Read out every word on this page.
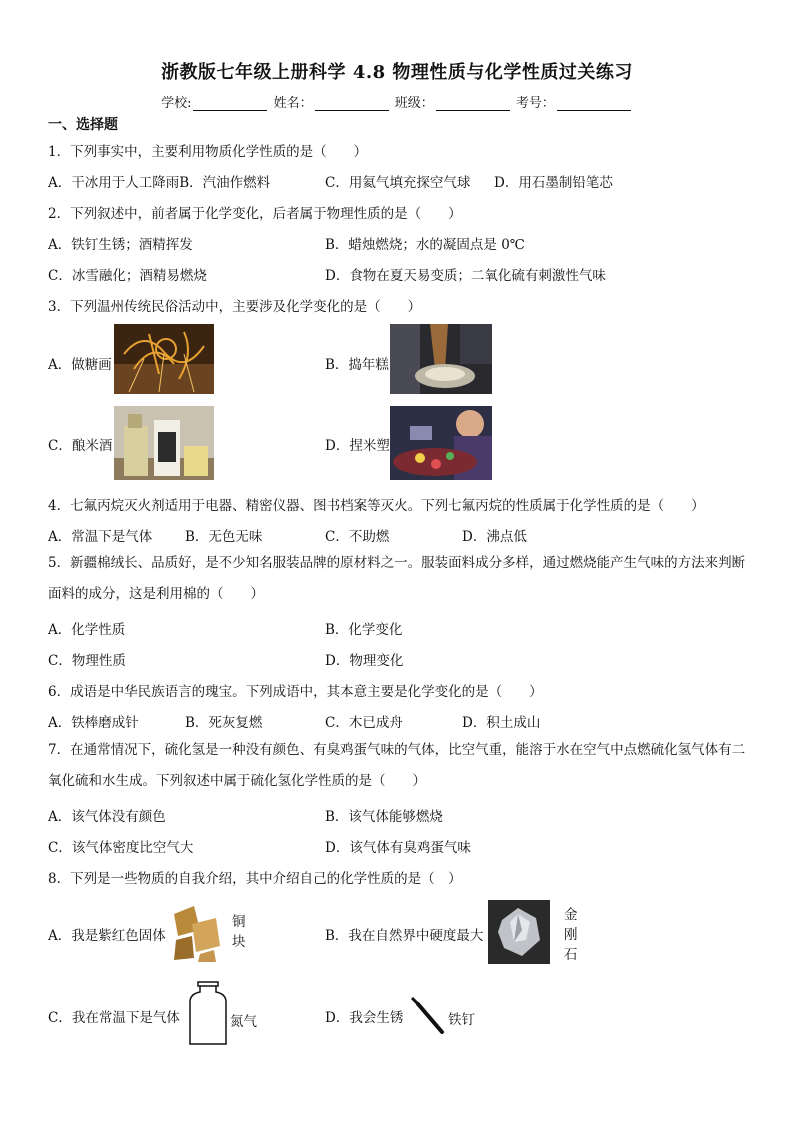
浙教版七年级上册科学 4.8 物理性质与化学性质过关练习
学校:	姓名：	班级：	考号：
一、选择题
1．下列事实中，主要利用物质化学性质的是（　　）
A．干冰用于人工降雨B．汽油作燃料	C．用氦气填充探空气球 D．用石墨制铅笔芯
2．下列叙述中，前者属于化学变化，后者属于物理性质的是（　　）
A．铁钉生锈；酒精挥发	B．蜡烛燃烧；水的凝固点是 0℃
C．冰雪融化；酒精易燃烧	D．食物在夏天易变质；二氧化硫有刺激性气味
3．下列温州传统民俗活动中，主要涉及化学变化的是（　　）
A．做糖画	B．捣年糕
C．酿米酒	D．捏米塑
4．七氟丙烷灭火剂适用于电器、精密仪器、图书档案等灭火。下列七氟丙烷的性质属于化学性质的是（　　）
A．常温下是气体 B．无色无味	C．不助燃	D．沸点低
5．新疆棉绒长、品质好，是不少知名服装品牌的原材料之一。服装面料成分多样，通过燃烧能产生气味的方法来判断面料的成分，这是利用棉的（　　）
A．化学性质	B．化学变化
C．物理性质	D．物理变化
6．成语是中华民族语言的瑰宝。下列成语中，其本意主要是化学变化的是（　　）
A．铁棒磨成针	B．死灰复燃	C．木已成舟	D．积土成山
7．在通常情况下，硫化氢是一种没有颜色、有臭鸡蛋气味的气体，比空气重，能溶于水在空气中点燃硫化氢气体有二氧化硫和水生成。下列叙述中属于硫化氢化学性质的是（　　）
A．该气体没有颜色	B．该气体能够燃烧
C．该气体密度比空气大	D．该气体有臭鸡蛋气味
8．下列是一些物质的自我介绍，其中介绍自己的化学性质的是（　）
A．我是紫红色固体
铜块	B．我在自然界中硬度最大
金刚石
C．我在常温下是气体	氮气	D．我会生锈	铁钉
